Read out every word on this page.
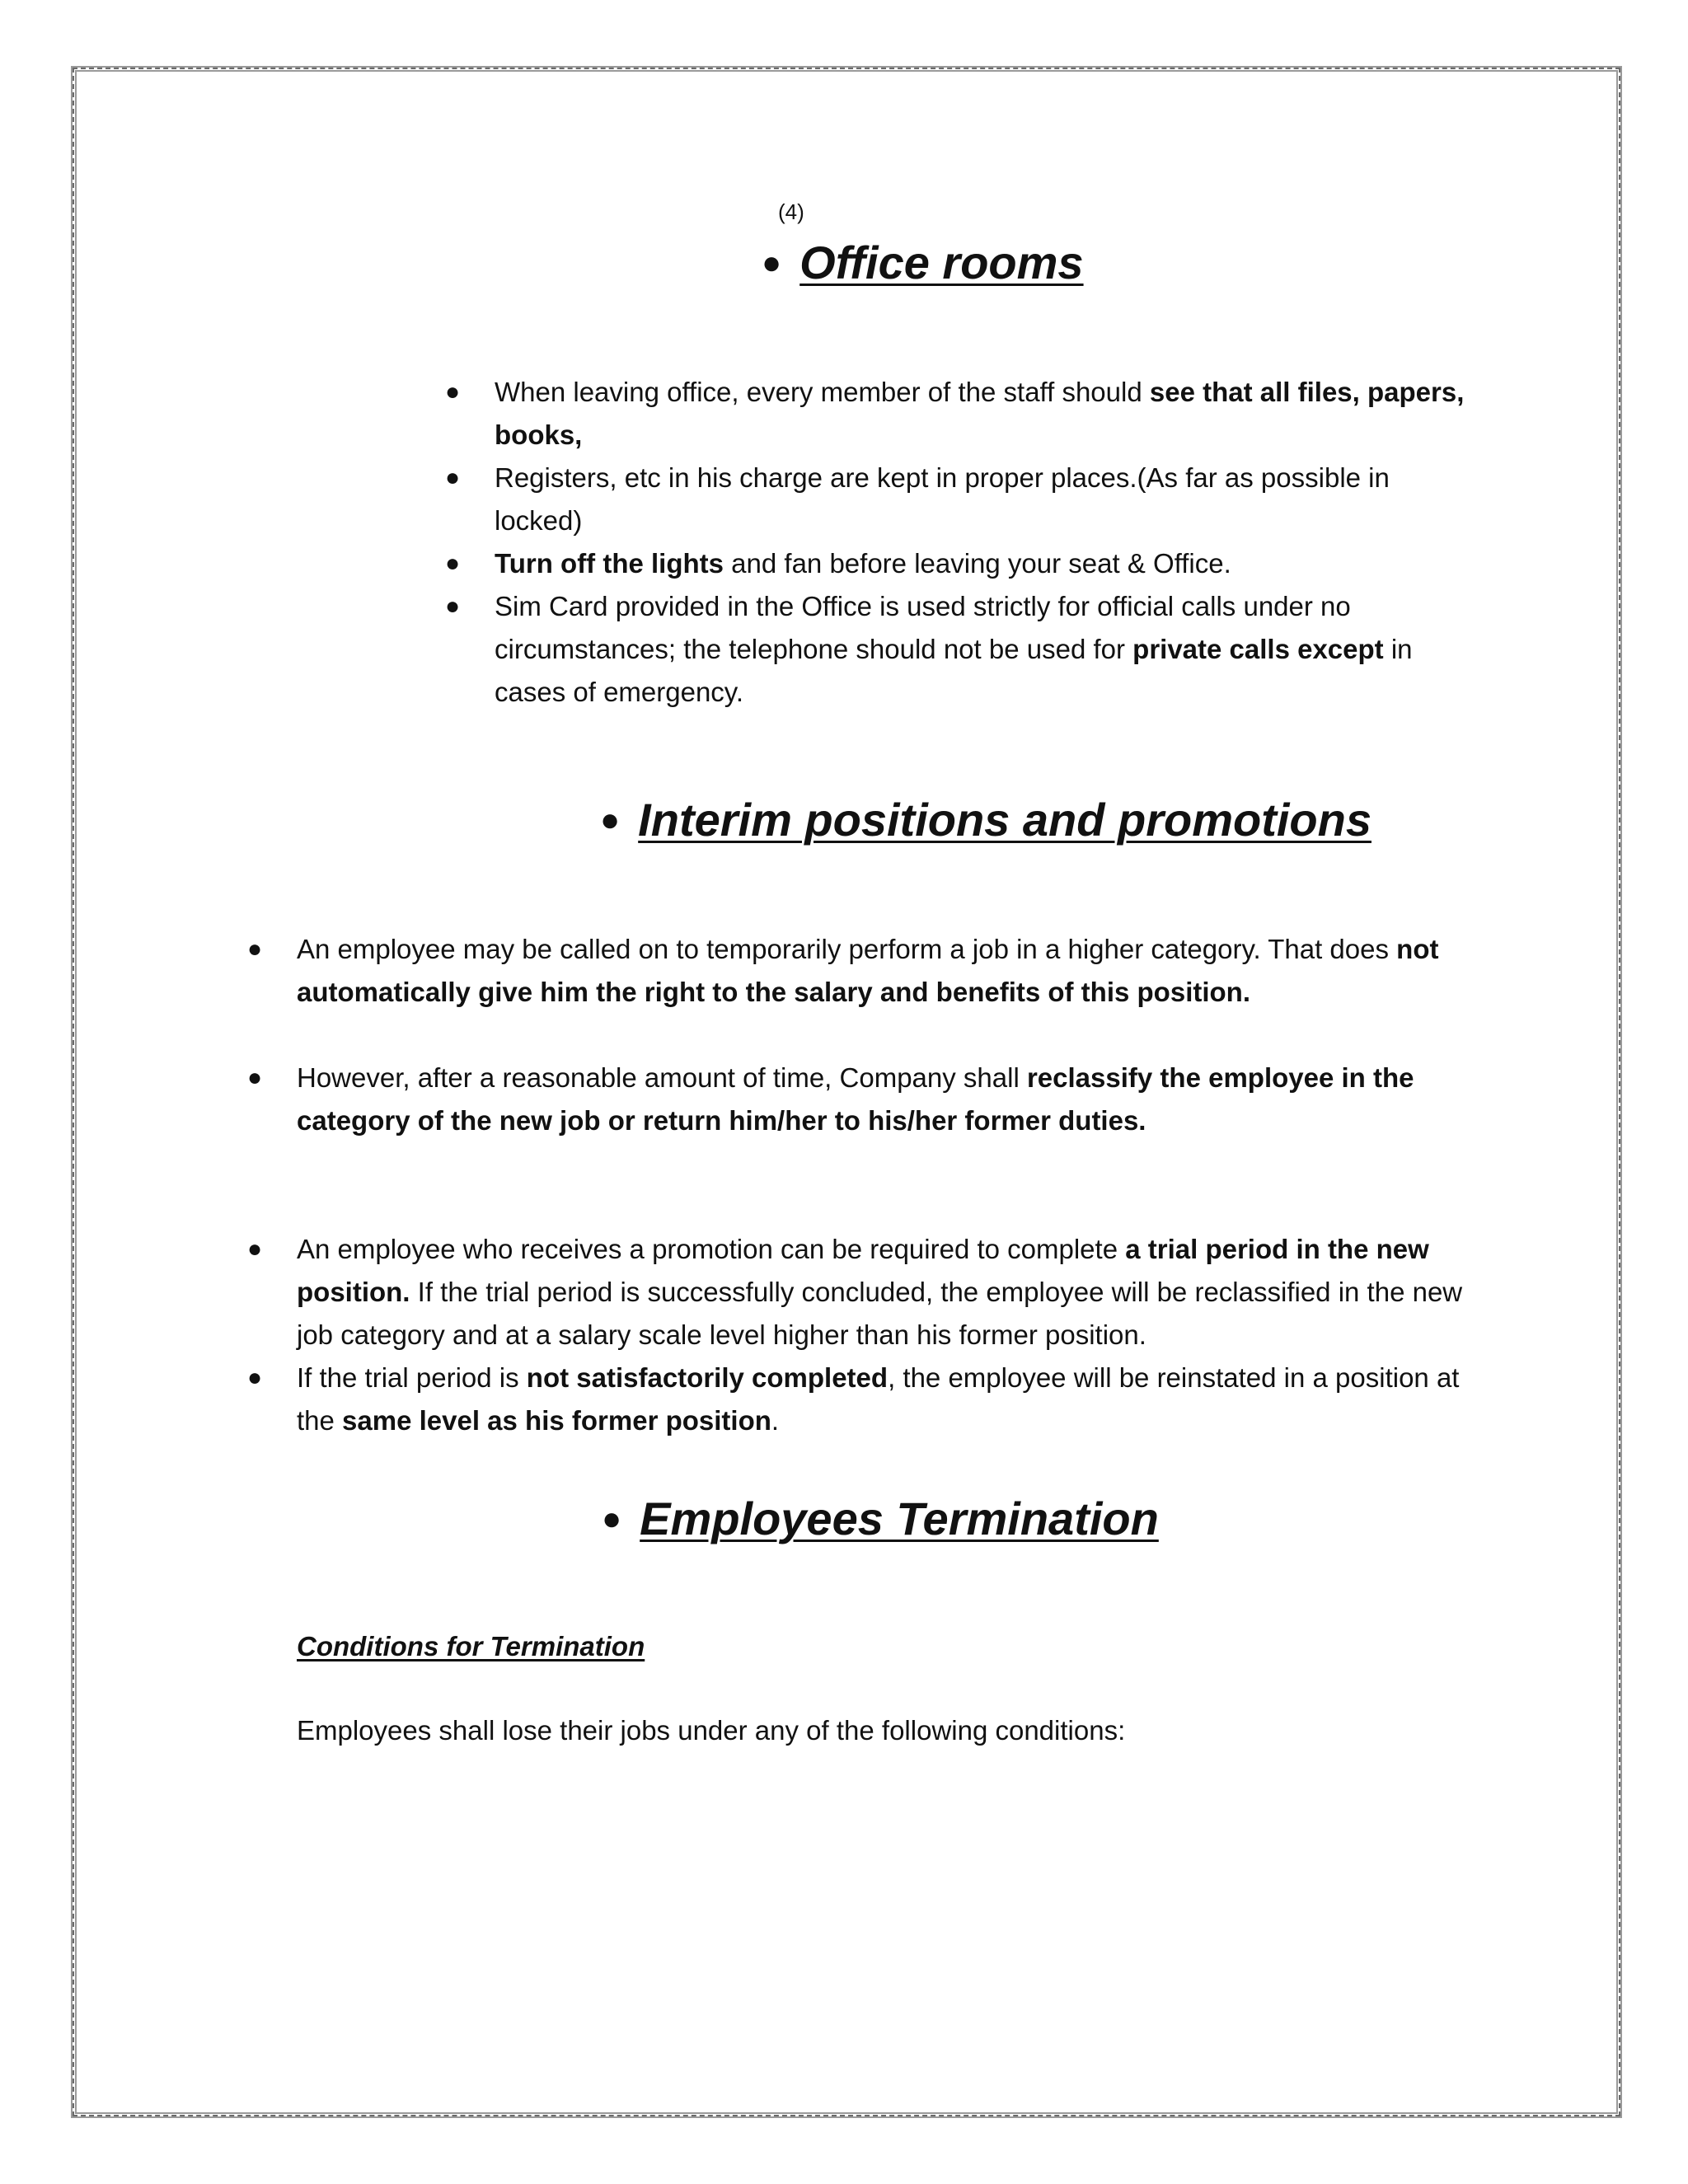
(4)
● Office rooms
● When leaving office, every member of the staff should see that all files, papers, books,
● Registers, etc in his charge are kept in proper places.(As far as possible in locked)
● Turn off the lights and fan before leaving your seat & Office.
● Sim Card provided in the Office is used strictly for official calls under no circumstances; the telephone should not be used for private calls except in cases of emergency.
● Interim positions and promotions
● An employee may be called on to temporarily perform a job in a higher category. That does not automatically give him the right to the salary and benefits of this position.
● However, after a reasonable amount of time, Company shall reclassify the employee in the category of the new job or return him/her to his/her former duties.
● An employee who receives a promotion can be required to complete a trial period in the new position. If the trial period is successfully concluded, the employee will be reclassified in the new job category and at a salary scale level higher than his former position.
● If the trial period is not satisfactorily completed, the employee will be reinstated in a position at the same level as his former position.
● Employees Termination
Conditions for Termination
Employees shall lose their jobs under any of the following conditions:
